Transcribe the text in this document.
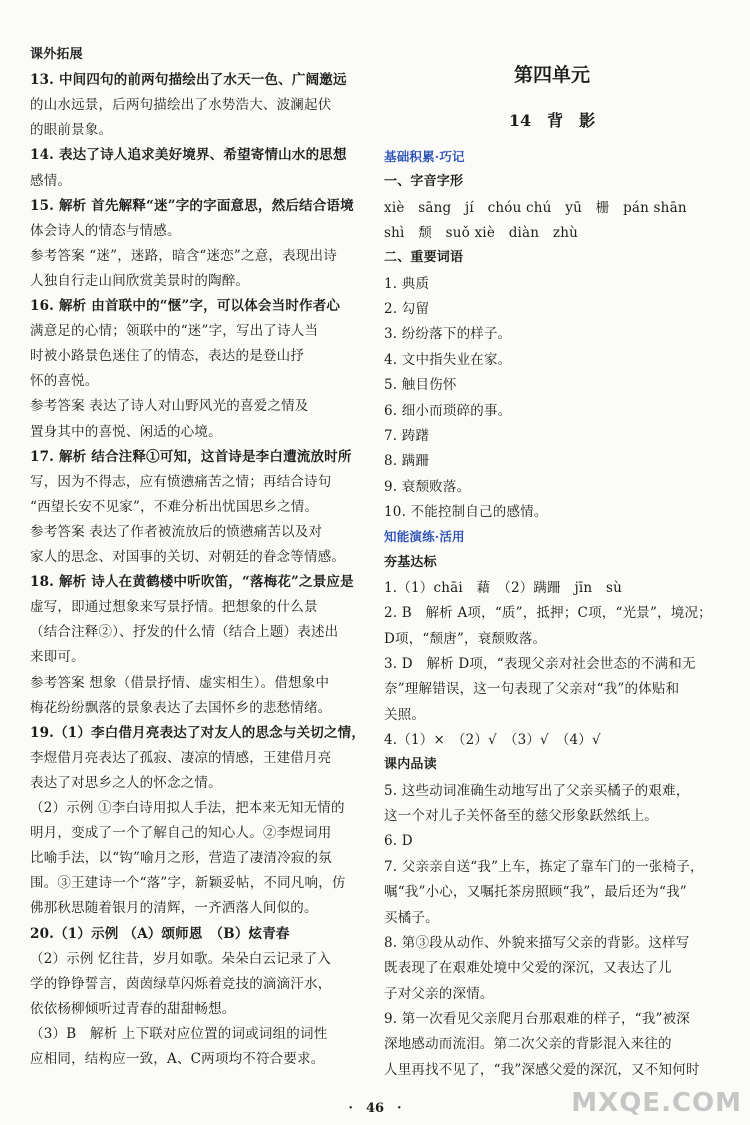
课外拓展
13. 中间四句的前两句描绘出了水天一色、广阔邀远
的山水远景，后两句描绘出了水势浩大、波澜起伏
的眼前景象。
14. 表达了诗人追求美好境界、希望寄情山水的思想
感情。
15. 解析 首先解释“迷”字的字面意思，然后结合语境
体会诗人的情态与情感。
参考答案 “迷”，迷路，暗含“迷恋”之意，表现出诗
人独自行走山间欣赏美景时的陶醉。
16. 解析 由首联中的“惬”字，可以体会当时作者心
满意足的心情；领联中的“迷”字，写出了诗人当
时被小路景色迷住了的情态，表达的是登山抒
怀的喜悦。
参考答案 表达了诗人对山野风光的喜爱之情及
置身其中的喜悦、闲适的心境。
17. 解析 结合注释①可知，这首诗是李白遭流放时所
写，因为不得志，应有愤懑痛苦之情；再结合诗句
“西望长安不见家”，不难分析出忧国思乡之情。
参考答案 表达了作者被流放后的愤懑痛苦以及对
家人的思念、对国事的关切、对朝廷的眷念等情感。
18. 解析 诗人在黄鹤楼中听吹笛，“落梅花”之景应是
虚写，即通过想象来写景抒情。把想象的什么景
（结合注释②）、抒发的什么情（结合上题）表述出
来即可。
参考答案 想象（借景抒情、虚实相生）。借想象中
梅花纷纷飘落的景象表达了去国怀乡的悲愁情绪。
19.（1）李白借月亮表达了对友人的思念与关切之情，
李煜借月亮表达了孤寂、凄凉的情感，王建借月亮
表达了对思乡之人的怀念之情。
（2）示例 ①李白诗用拟人手法，把本来无知无情的
明月，变成了一个了解自己的知心人。②李煜词用
比喻手法，以“钩”喻月之形，营造了凄清冷寂的氛
围。③王建诗一个“落”字，新颖妥帖，不同凡响，仿
佛那秋思随着银月的清辉，一齐洒落人间似的。
20.（1）示例 （A）颂师恩　（B）炫青春
（2）示例 忆往昔，岁月如歌。朵朵白云记录了入
学的铮铮誓言，茵茵绿草闪烁着竞技的滴滴汗水，
依依杨柳倾听过青春的甜甜畅想。
（3）B　解析 上下联对应位置的词或词组的词性
应相同，结构应一致，A、C两项均不符合要求。
第四单元
14　背　影
基础积累·巧记
一、字音字形
xiè　sāng　jí　chóu chú　yū　栅　pán shān
shì　颓　suǒ xiè　diàn　zhù
二、重要词语
1. 典质
2. 勾留
3. 纷纷落下的样子。
4. 文中指失业在家。
5. 触目伤怀
6. 细小而琐碎的事。
7. 踌躇
8. 蹒跚
9. 衰颓败落。
10. 不能控制自己的感情。
知能演练·活用
夯基达标
1.（1）chāi　藉　（2）蹒跚　jīn　sù
2. B　解析 A项，“质”，抵押；C项，“光景”，境况；
D项，“颓唐”，衰颓败落。
3. D　解析 D项，“表现父亲对社会世态的不满和无
奈”理解错误，这一句表现了父亲对“我”的体贴和
关照。
4.（1）×　（2）√　（3）√　（4）√
课内品读
5. 这些动词准确生动地写出了父亲买橘子的艰难，
这一个对儿子关怀备至的慈父形象跃然纸上。
6. D
7. 父亲亲自送“我”上车，拣定了靠车门的一张椅子，
嘱“我”小心，又嘱托茶房照顾“我”，最后还为“我”
买橘子。
8. 第③段从动作、外貌来描写父亲的背影。这样写
既表现了在艰难处境中父爱的深沉，又表达了儿
子对父亲的深情。
9. 第一次看见父亲爬月台那艰难的样子，“我”被深
深地感动而流泪。第二次父亲的背影混入来往的
人里再找不见了，“我”深感父爱的深沉，又不知何时
·　46　·	MXQE.COM
